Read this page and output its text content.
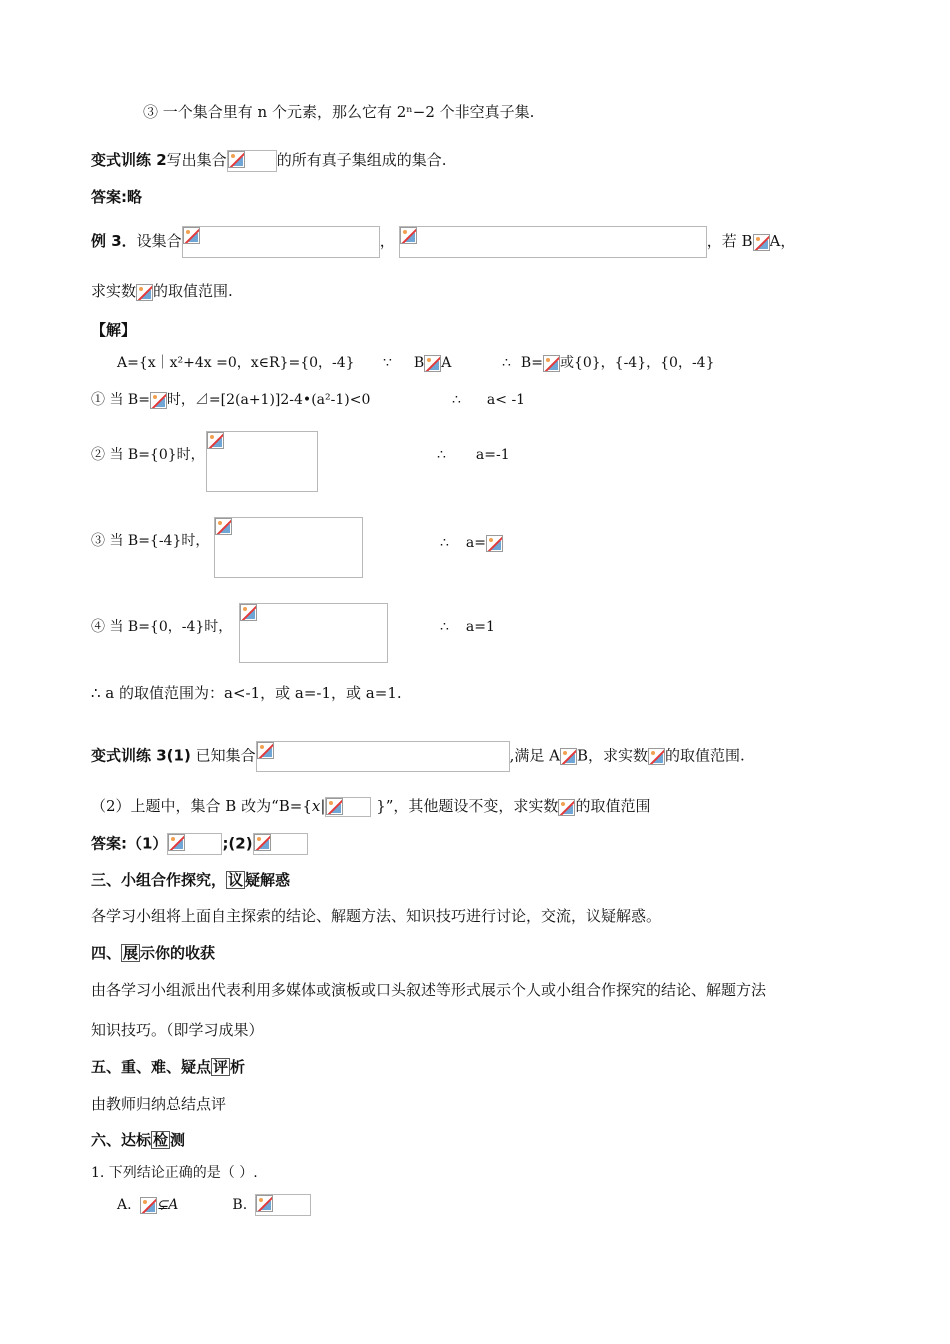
③ 一个集合里有 n 个元素，那么它有 2ⁿ−2 个非空真子集.
变式训练 2写出集合	的所有真子集组成的集合.
答案:略
例 3．设集合	，	，若 B A，
求实数 的取值范围.
【解】
A={x｜x²+4x =0，x∈R}={0，-4} ∵ B A	∴ B= 或{0}，{-4}，{0，-4}
① 当 B= 时，⊿=[2(a+1)]2-4•(a²-1)<0	∴ a< -1
② 当 B={0}时，	∴ a=-1
③ 当 B={-4}时，	∴ a=
④ 当 B={0，-4}时，	∴ a=1
∴ a 的取值范围为：a<-1，或 a=-1，或 a=1.
变式训练 3(1) 已知集合	,满足 A B，求实数 的取值范围.
（2）上题中，集合 B 改为“B={x|	}”，其他题设不变，求实数 的取值范围
答案:（1）	;(2)
三、小组合作探究， 议 疑解惑
各学习小组将上面自主探索的结论、解题方法、知识技巧进行讨论，交流，议疑解惑。
四、 展 示你的收获
由各学习小组派出代表利用多媒体或演板或口头叙述等形式展示个人或小组合作探究的结论、解题方法
知识技巧。（即学习成果）
五、重、难、疑点 评 析
由教师归纳总结点评
六、达标 检 测
1. 下列结论正确的是（ ）.
A. ⊊A	B.
